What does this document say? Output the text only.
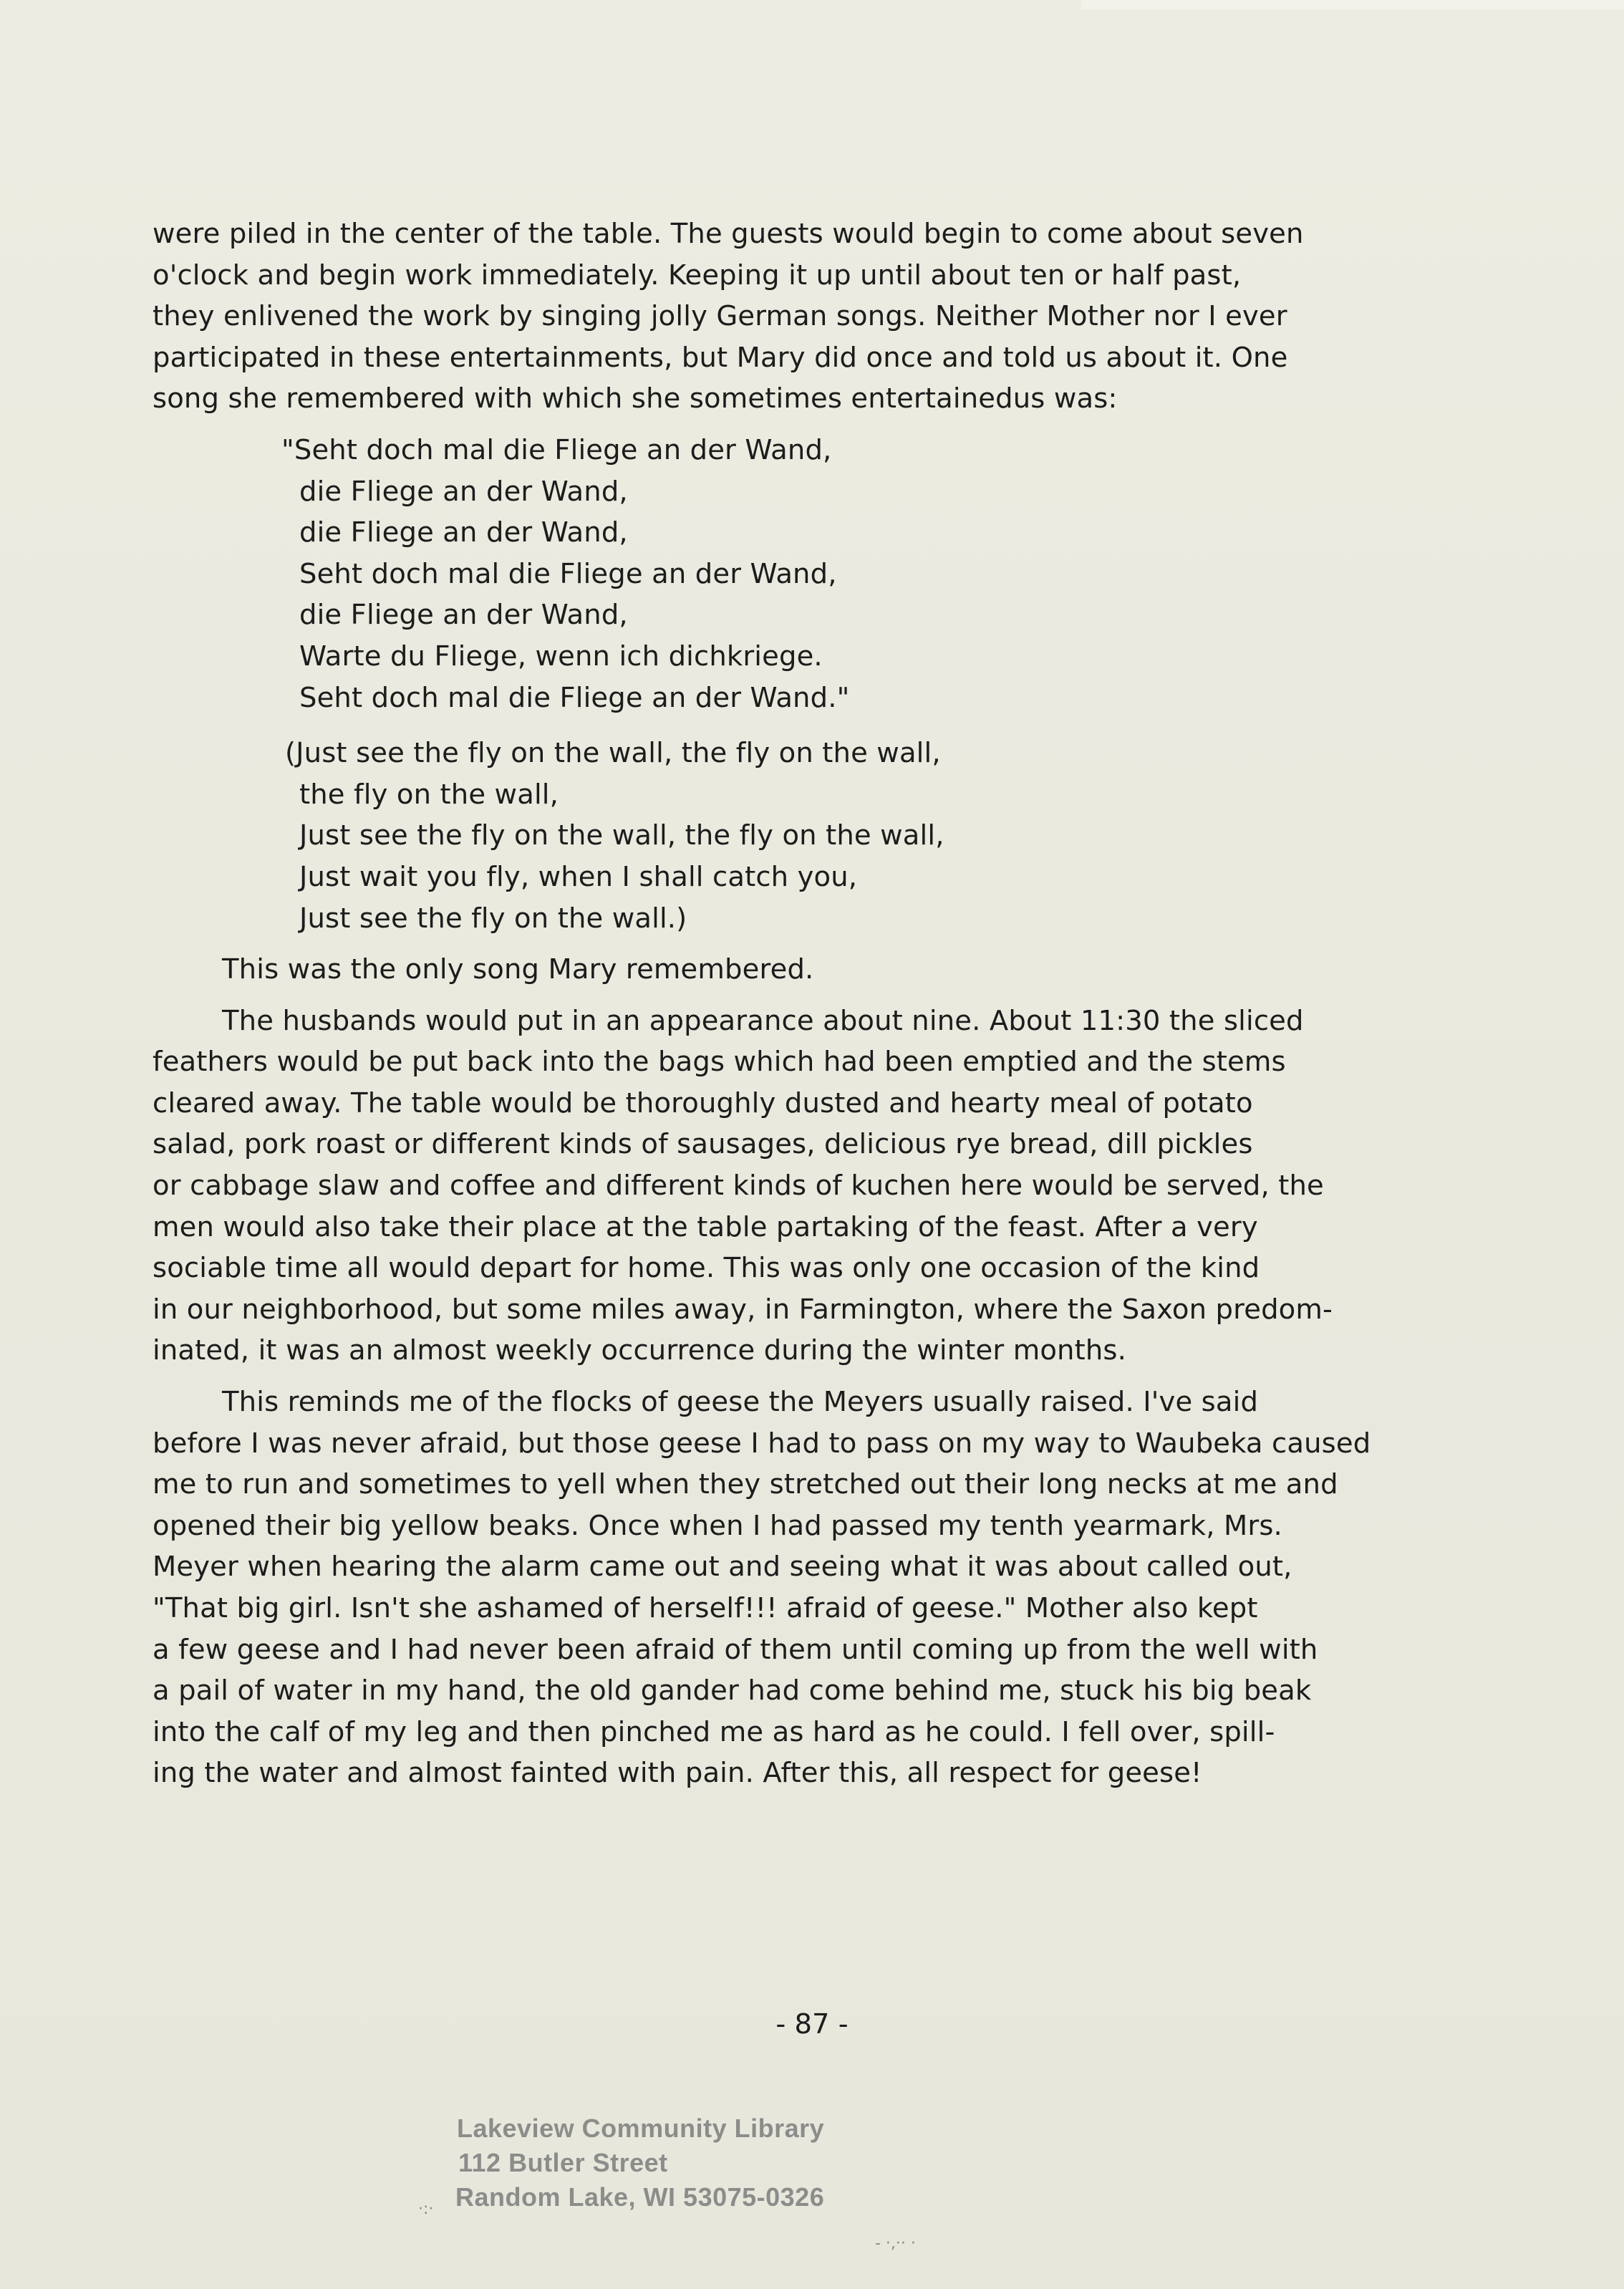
were piled in the center of the table. The guests would begin to come about seven
o'clock and begin work immediately. Keeping it up until about ten or half past,
they enlivened the work by singing jolly German songs. Neither Mother nor I ever
participated in these entertainments, but Mary did once and told us about it. One
song she remembered with which she sometimes entertainedus was:
"Seht doch mal die Fliege an der Wand,
die Fliege an der Wand,
die Fliege an der Wand,
Seht doch mal die Fliege an der Wand,
die Fliege an der Wand,
Warte du Fliege, wenn ich dichkriege.
Seht doch mal die Fliege an der Wand."
(Just see the fly on the wall, the fly on the wall,
the fly on the wall,
Just see the fly on the wall, the fly on the wall,
Just wait you fly, when I shall catch you,
Just see the fly on the wall.)
This was the only song Mary remembered.
The husbands would put in an appearance about nine. About 11:30 the sliced
feathers would be put back into the bags which had been emptied and the stems
cleared away. The table would be thoroughly dusted and hearty meal of potato
salad, pork roast or different kinds of sausages, delicious rye bread, dill pickles
or cabbage slaw and coffee and different kinds of kuchen here would be served, the
men would also take their place at the table partaking of the feast. After a very
sociable time all would depart for home. This was only one occasion of the kind
in our neighborhood, but some miles away, in Farmington, where the Saxon predom-
inated, it was an almost weekly occurrence during the winter months.
This reminds me of the flocks of geese the Meyers usually raised. I've said
before I was never afraid, but those geese I had to pass on my way to Waubeka caused
me to run and sometimes to yell when they stretched out their long necks at me and
opened their big yellow beaks. Once when I had passed my tenth yearmark, Mrs.
Meyer when hearing the alarm came out and seeing what it was about called out,
"That big girl. Isn't she ashamed of herself!!! afraid of geese." Mother also kept
a few geese and I had never been afraid of them until coming up from the well with
a pail of water in my hand, the old gander had come behind me, stuck his big beak
into the calf of my leg and then pinched me as hard as he could. I fell over, spill-
ing the water and almost fainted with pain. After this, all respect for geese!
- 87 -
Lakeview Community Library
112 Butler Street
Random Lake, WI 53075-0326
·:·
- ·,·· ·
